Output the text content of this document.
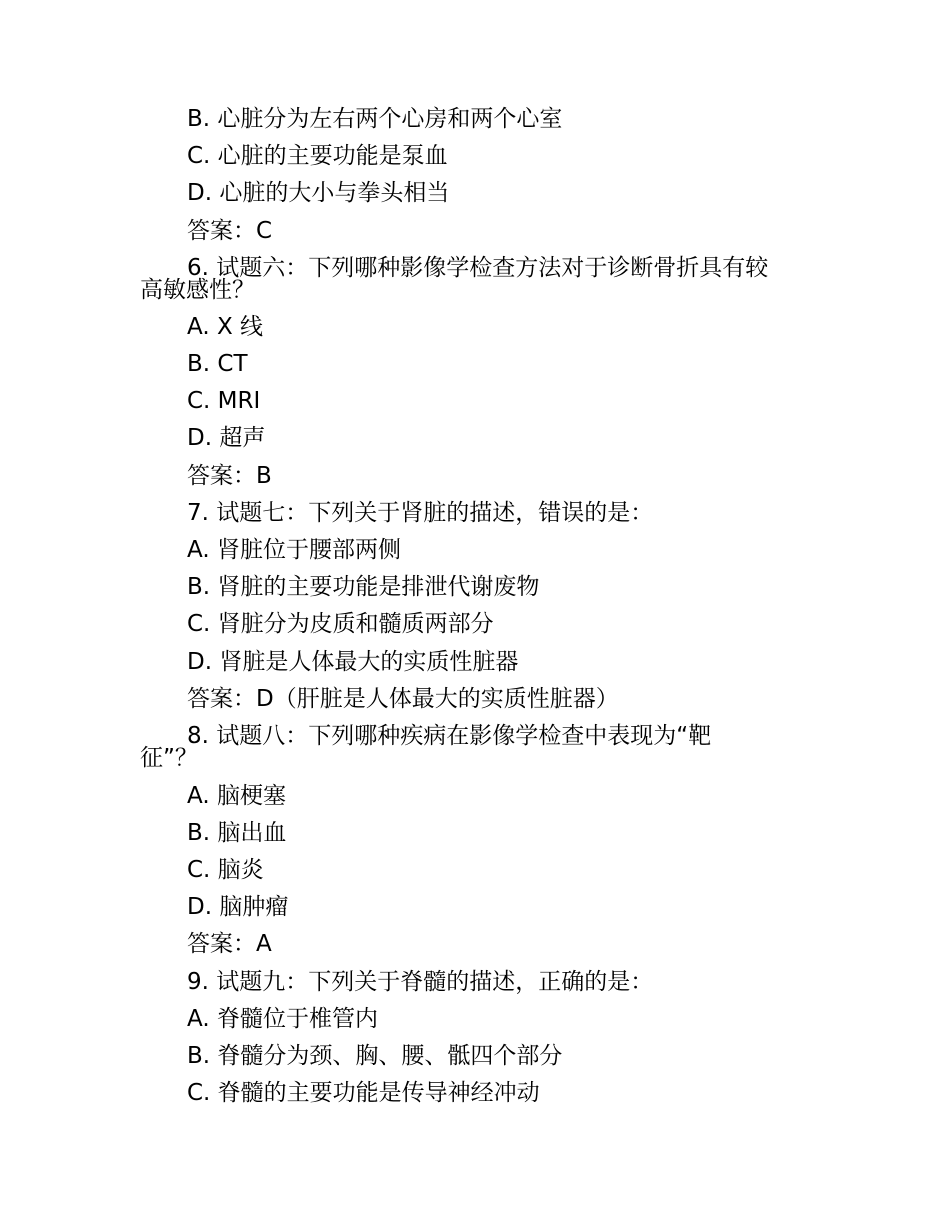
B. 心脏分为左右两个心房和两个心室
C. 心脏的主要功能是泵血
D. 心脏的大小与拳头相当
答案：C
6. 试题六：下列哪种影像学检查方法对于诊断骨折具有较
高敏感性？
A. X 线
B. CT
C. MRI
D. 超声
答案：B
7. 试题七：下列关于肾脏的描述，错误的是：
A. 肾脏位于腰部两侧
B. 肾脏的主要功能是排泄代谢废物
C. 肾脏分为皮质和髓质两部分
D. 肾脏是人体最大的实质性脏器
答案：D（肝脏是人体最大的实质性脏器）
8. 试题八：下列哪种疾病在影像学检查中表现为“靶
征”？
A. 脑梗塞
B. 脑出血
C. 脑炎
D. 脑肿瘤
答案：A
9. 试题九：下列关于脊髓的描述，正确的是：
A. 脊髓位于椎管内
B. 脊髓分为颈、胸、腰、骶四个部分
C. 脊髓的主要功能是传导神经冲动
